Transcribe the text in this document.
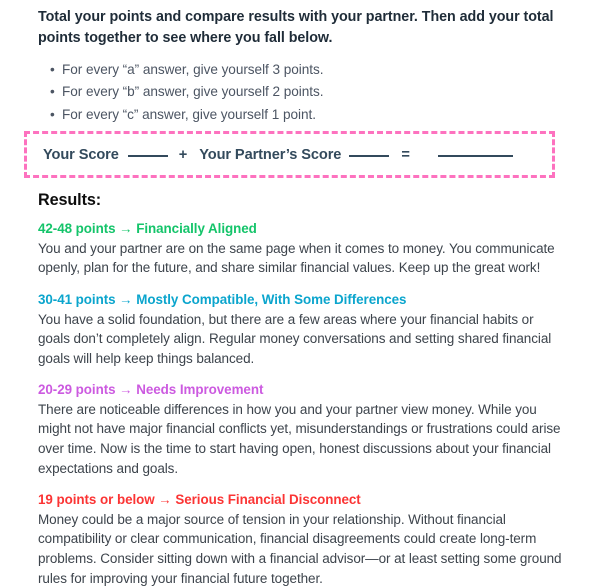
Total your points and compare results with your partner. Then add your total points together to see where you fall below.

• For every “a” answer, give yourself 3 points.
• For every “b” answer, give yourself 2 points.
• For every “c” answer, give yourself 1 point.
Your Score	+ Your Partner’s Score	=
Results:
42-48 points → Financially Aligned

You and your partner are on the same page when it comes to money. You communicate openly, plan for the future, and share similar financial values. Keep up the great work!

30-41 points → Mostly Compatible, With Some Differences

You have a solid foundation, but there are a few areas where your financial habits or goals don’t completely align. Regular money conversations and setting shared financial goals will help keep things balanced.

20-29 points → Needs Improvement

There are noticeable differences in how you and your partner view money. While you might not have major financial conflicts yet, misunderstandings or frustrations could arise over time. Now is the time to start having open, honest discussions about your financial expectations and goals.

19 points or below → Serious Financial Disconnect

Money could be a major source of tension in your relationship. Without financial compatibility or clear communication, financial disagreements could create long-term problems. Consider sitting down with a financial advisor—or at least setting some ground rules for improving your financial future together.
